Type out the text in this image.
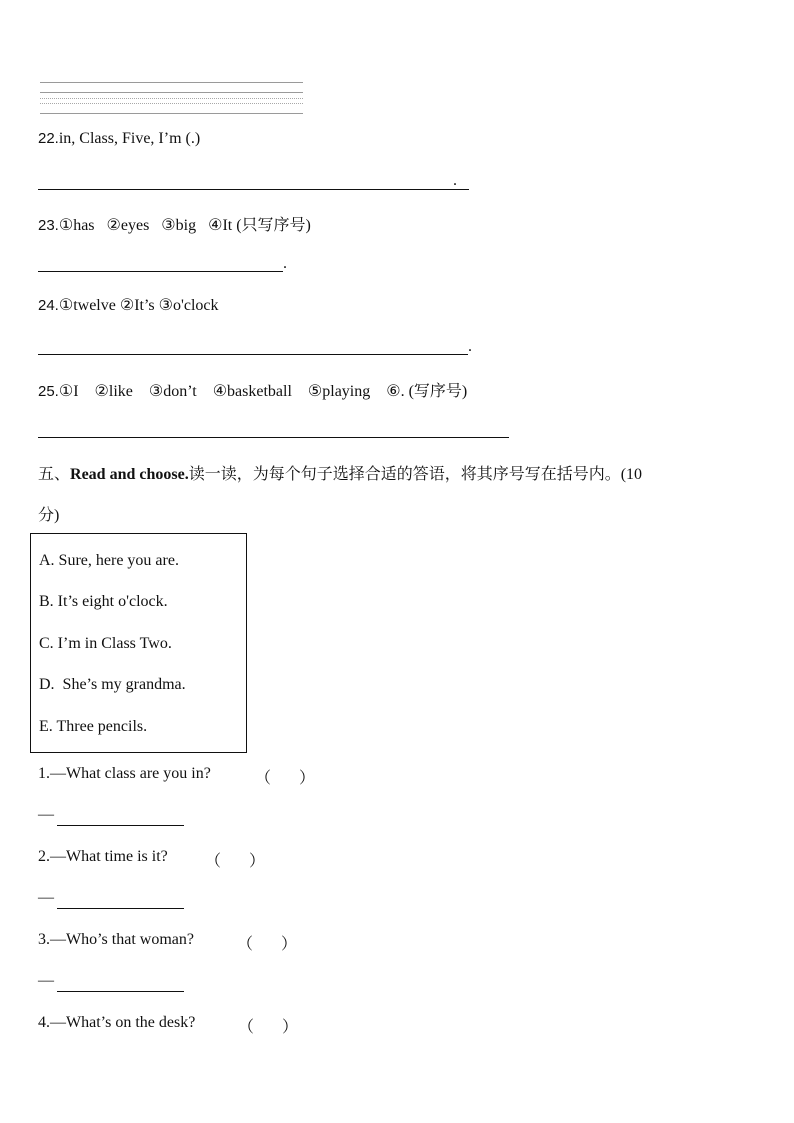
22.in, Class, Five, I’m (.)
.
23.①has   ②eyes   ③big   ④It (只写序号)
.
24.①twelve ②It’s ③o'clock
.
25.①I    ②like    ③don’t    ④basketball    ⑤playing    ⑥. (写序号)
五、Read and choose.读一读，为每个句子选择合适的答语，将其序号写在括号内。(10
分)
A. Sure, here you are.
B. It’s eight o'clock.
C. I’m in Class Two.
D.  She’s my grandma.
E. Three pencils.
1.—What class are you in?	（       ）
—
2.—What time is it? （       ）
—
3.—Who’s that woman?	（       ）
—
4.—What’s on the desk?	（       ）
